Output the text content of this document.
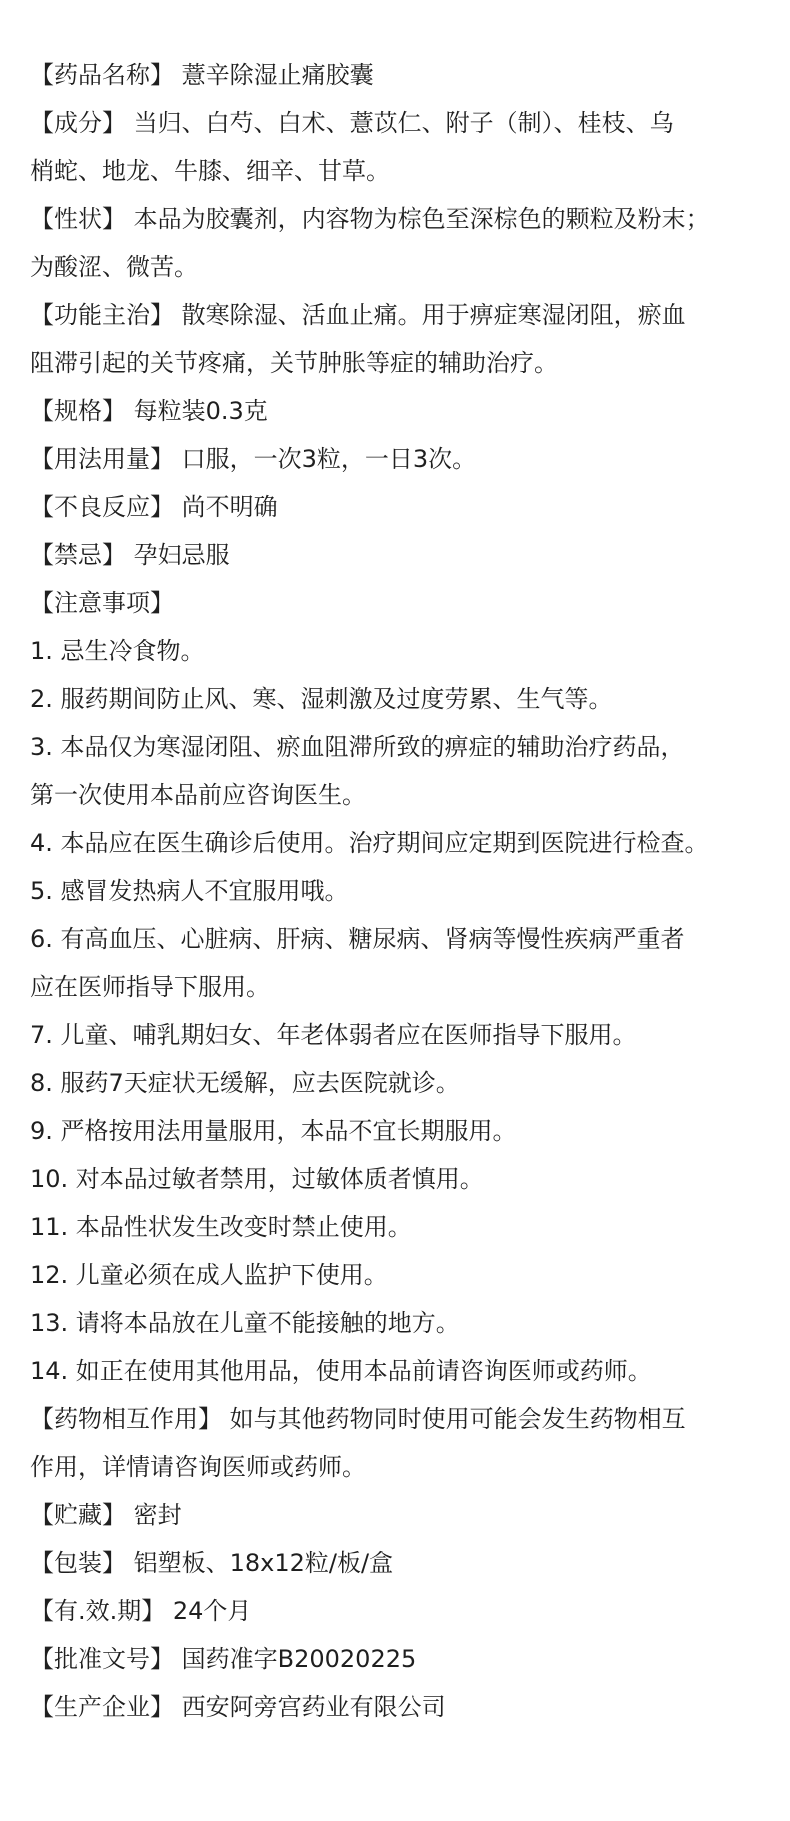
【药品名称】 薏辛除湿止痛胶囊
【成分】 当归、白芍、白术、薏苡仁、附子（制）、桂枝、乌
梢蛇、地龙、牛膝、细辛、甘草。
【性状】 本品为胶囊剂，内容物为棕色至深棕色的颗粒及粉末；
为酸涩、微苦。
【功能主治】 散寒除湿、活血止痛。用于痹症寒湿闭阻，瘀血
阻滞引起的关节疼痛，关节肿胀等症的辅助治疗。
【规格】 每粒装0.3克
【用法用量】 口服，一次3粒，一日3次。
【不良反应】 尚不明确
【禁忌】 孕妇忌服
【注意事项】
1. 忌生冷食物。
2. 服药期间防止风、寒、湿刺激及过度劳累、生气等。
3. 本品仅为寒湿闭阻、瘀血阻滞所致的痹症的辅助治疗药品，
第一次使用本品前应咨询医生。
4. 本品应在医生确诊后使用。治疗期间应定期到医院进行检查。
5. 感冒发热病人不宜服用哦。
6. 有高血压、心脏病、肝病、糖尿病、肾病等慢性疾病严重者
应在医师指导下服用。
7. 儿童、哺乳期妇女、年老体弱者应在医师指导下服用。
8. 服药7天症状无缓解，应去医院就诊。
9. 严格按用法用量服用，本品不宜长期服用。
10. 对本品过敏者禁用，过敏体质者慎用。
11. 本品性状发生改变时禁止使用。
12. 儿童必须在成人监护下使用。
13. 请将本品放在儿童不能接触的地方。
14. 如正在使用其他用品，使用本品前请咨询医师或药师。
【药物相互作用】 如与其他药物同时使用可能会发生药物相互
作用，详情请咨询医师或药师。
【贮藏】 密封
【包装】 铝塑板、18x12粒/板/盒
【有.效.期】 24个月
【批准文号】 国药准字B20020225
【生产企业】 西安阿旁宫药业有限公司
